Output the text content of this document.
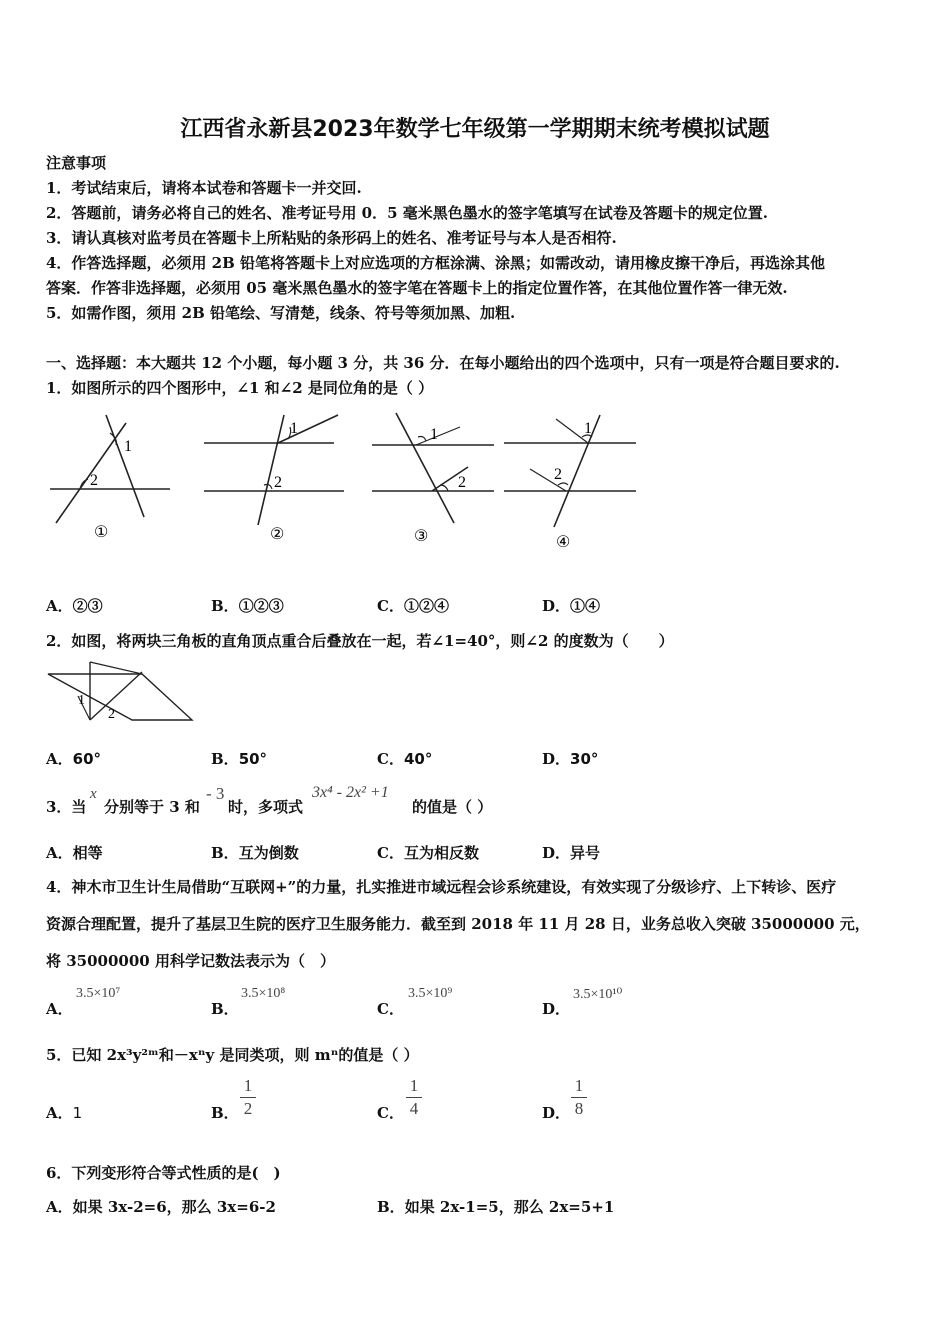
江西省永新县2023年数学七年级第一学期期末统考模拟试题
注意事项
1．考试结束后，请将本试卷和答题卡一并交回.
2．答题前，请务必将自己的姓名、准考证号用 0．5 毫米黑色墨水的签字笔填写在试卷及答题卡的规定位置.
3．请认真核对监考员在答题卡上所粘贴的条形码上的姓名、准考证号与本人是否相符.
4．作答选择题，必须用 2B 铅笔将答题卡上对应选项的方框涂满、涂黑；如需改动，请用橡皮擦干净后，再选涂其他
答案．作答非选择题，必须用 05 毫米黑色墨水的签字笔在答题卡上的指定位置作答，在其他位置作答一律无效.
5．如需作图，须用 2B 铅笔绘、写清楚，线条、符号等须加黑、加粗.
一、选择题：本大题共 12 个小题，每小题 3 分，共 36 分．在每小题给出的四个选项中，只有一项是符合题目要求的.
1．如图所示的四个图形中，∠1 和∠2 是同位角的是（ ）
1
2
①
1
2
②
1
2
③
1
2
④
A．②③	B．①②③	C．①②④	D．①④
2．如图，将两块三角板的直角顶点重合后叠放在一起，若∠1=40°，则∠2 的度数为（　　）
1
2
A．60°	B．50°	C．40°	D．30°
3．当
x
分别等于 3 和
- 3
时，多项式
3x⁴ - 2x² +1
的值是（ ）
A．相等	B．互为倒数	C．互为相反数	D．异号
4．神木市卫生计生局借助“互联网+”的力量，扎实推进市域远程会诊系统建设，有效实现了分级诊疗、上下转诊、医疗
资源合理配置，提升了基层卫生院的医疗卫生服务能力．截至到 2018 年 11 月 28 日，业务总收入突破 35000000 元，
将 35000000 用科学记数法表示为（　）
A．
3.5×10⁷
B．
3.5×10⁸
C．
3.5×10⁹
D．
3.5×10¹⁰
5．已知 2x³y²ᵐ和－xⁿy 是同类项，则 mⁿ的值是（ ）
A．1	B．
1
2	C．
1
4	D．
1
8
6．下列变形符合等式性质的是(　)
A．如果 3x-2=6，那么 3x=6-2	B．如果 2x-1=5，那么 2x=5+1
